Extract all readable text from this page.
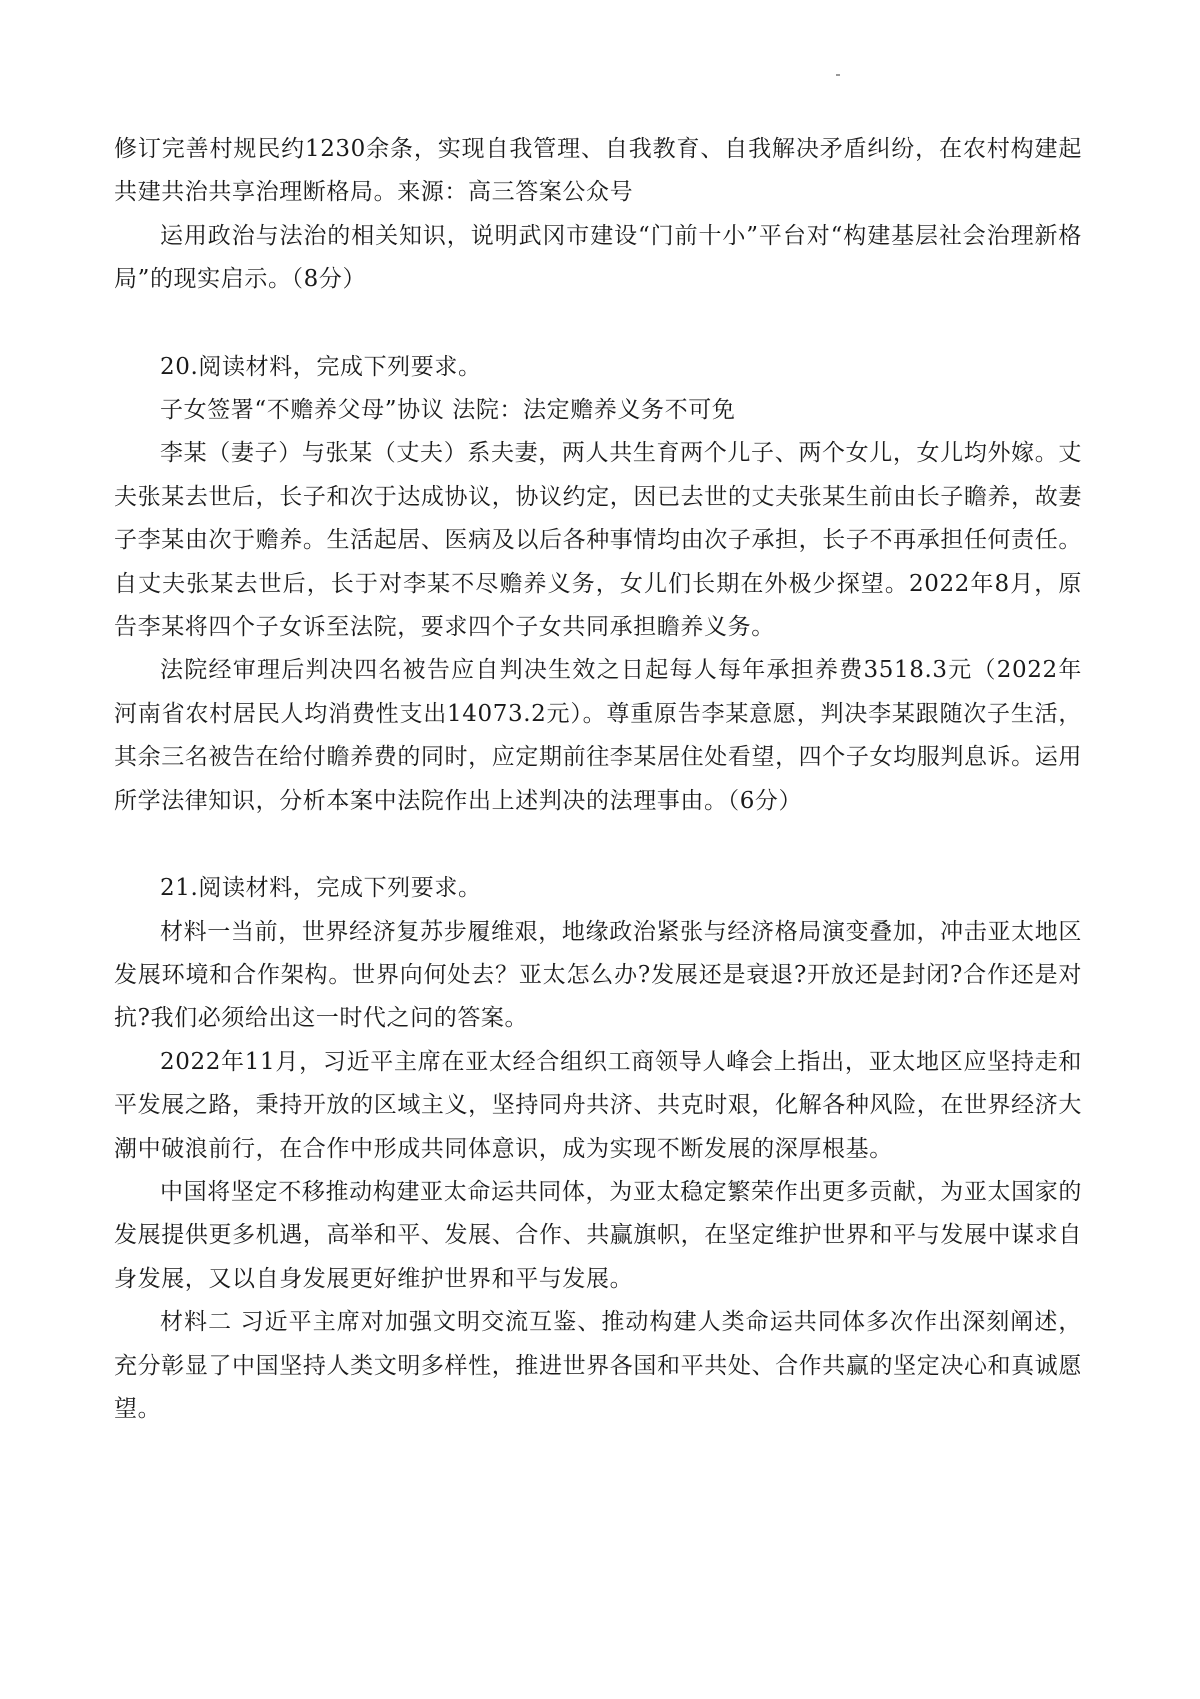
修订完善村规民约1230余条，实现自我管理、自我教育、自我解决矛盾纠纷，在农村构建起共建共治共享治理断格局。来源：高三答案公众号

运用政治与法治的相关知识，说明武冈市建设“门前十小”平台对“构建基层社会治理新格局”的现实启示。（8分）

20.阅读材料，完成下列要求。

子女签署“不赡养父母”协议 法院：法定赡养义务不可免

李某（妻子）与张某（丈夫）系夫妻，两人共生育两个儿子、两个女儿，女儿均外嫁。丈夫张某去世后，长子和次于达成协议，协议约定，因已去世的丈夫张某生前由长子瞻养，故妻子李某由次于赡养。生活起居、医病及以后各种事情均由次子承担，长子不再承担任何责任。自丈夫张某去世后，长于对李某不尽赡养义务，女儿们长期在外极少探望。2022年8月，原告李某将四个子女诉至法院，要求四个子女共同承担瞻养义务。

法院经审理后判决四名被告应自判决生效之日起每人每年承担养费3518.3元（2022年河南省农村居民人均消费性支出14073.2元）。尊重原告李某意愿，判决李某跟随次子生活，其余三名被告在给付瞻养费的同时，应定期前往李某居住处看望，四个子女均服判息诉。运用所学法律知识，分析本案中法院作出上述判决的法理事由。（6分）

21.阅读材料，完成下列要求。

材料一当前，世界经济复苏步履维艰，地缘政治紧张与经济格局演变叠加，冲击亚太地区发展环境和合作架构。世界向何处去？亚太怎么办?发展还是衰退?开放还是封闭?合作还是对抗?我们必须给出这一时代之问的答案。

2022年11月，习近平主席在亚太经合组织工商领导人峰会上指出，亚太地区应坚持走和平发展之路，秉持开放的区域主义，坚持同舟共济、共克时艰，化解各种风险，在世界经济大潮中破浪前行，在合作中形成共同体意识，成为实现不断发展的深厚根基。

中国将坚定不移推动构建亚太命运共同体，为亚太稳定繁荣作出更多贡献，为亚太国家的发展提供更多机遇，高举和平、发展、合作、共赢旗帜，在坚定维护世界和平与发展中谋求自身发展，又以自身发展更好维护世界和平与发展。

材料二 习近平主席对加强文明交流互鉴、推动构建人类命运共同体多次作出深刻阐述，充分彰显了中国坚持人类文明多样性，推进世界各国和平共处、合作共赢的坚定决心和真诚愿望。
